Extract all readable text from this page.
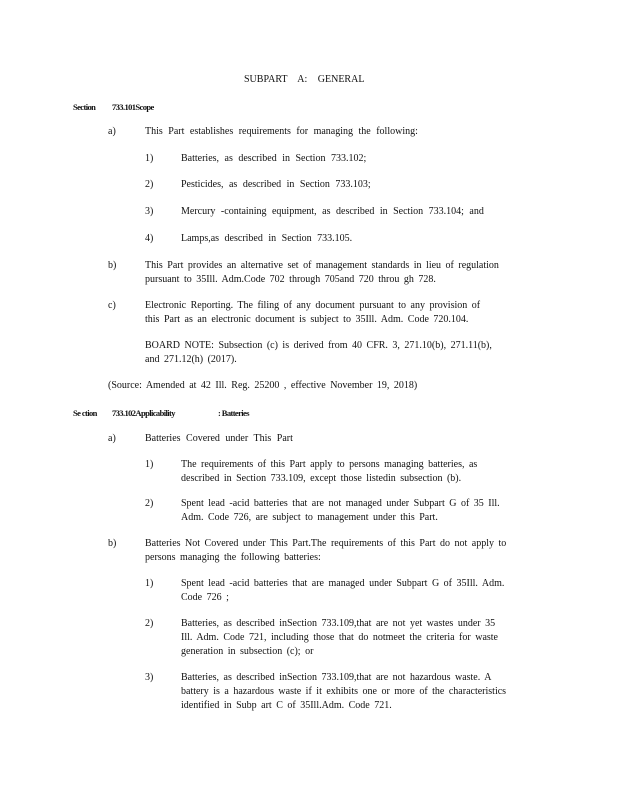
SUBPART A: GENERAL
Section 733.101Scope
a)	This Part establishes requirements for managing the following:
1)	Batteries, as described in Section 733.102;
2)	Pesticides, as described in Section 733.103;
3)	Mercury -containing equipment, as described in Section 733.104; and
4)	Lamps,as described in Section 733.105.
b)	This Part provides an alternative set of management standards in lieu of regulation
pursuant to 35Ill. Adm.Code 702 through 705and 720 throu gh 728.
c)	Electronic Reporting. The filing of any document pursuant to any provision of
this Part as an electronic document is subject to 35Ill. Adm. Code 720.104.
BOARD NOTE: Subsection (c) is derived from 40 CFR. 3, 271.10(b), 271.11(b),
and 271.12(h) (2017).
(Source: Amended at 42 Ill. Reg. 25200 , effective November 19, 2018)
Se ction 733.102Applicability	: Batteries
a)	Batteries Covered under This Part
1)	The requirements of this Part apply to persons managing batteries, as
described in Section 733.109, except those listedin subsection (b).
2)	Spent lead -acid batteries that are not managed under Subpart G of 35 Ill.
Adm. Code 726, are subject to management under this Part.
b)	Batteries Not Covered under This Part.The requirements of this Part do not apply to
persons managing the following batteries:
1)	Spent lead -acid batteries that are managed under Subpart G of 35Ill. Adm.
Code 726 ;
2)	Batteries, as described inSection 733.109,that are not yet wastes under 35
Ill. Adm. Code 721, including those that do notmeet the criteria for waste
generation in subsection (c); or
3)	Batteries, as described inSection 733.109,that are not hazardous waste. A
battery is a hazardous waste if it exhibits one or more of the characteristics
identified in Subp art C of 35Ill.Adm. Code 721.
